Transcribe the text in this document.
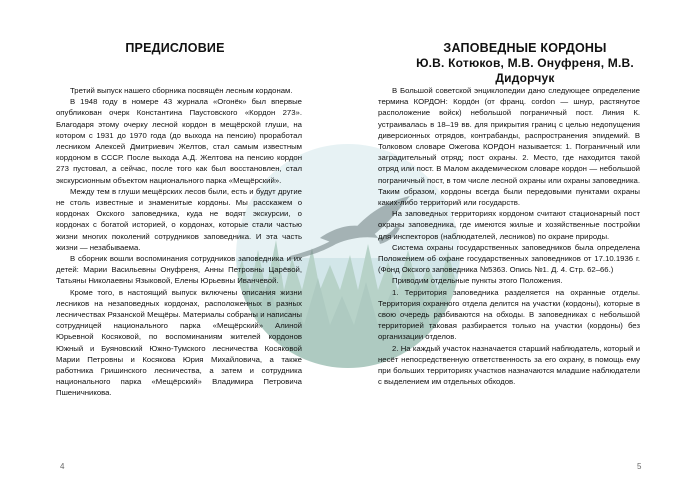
ПРЕДИСЛОВИЕ

Третий выпуск нашего сборника посвящён лесным кордонам.

В 1948 году в номере 43 журнала «Огонёк» был впервые опубликован очерк Константина Паустовского «Кордон 273». Благодаря этому очерку лесной кордон в мещёрской глуши, на котором с 1931 до 1970 года (до выхода на пенсию) проработал лесником Алексей Дмитриевич Желтов, стал самым известным кордоном в СССР. После выхода А.Д. Желтова на пенсию кордон 273 пустовал, а сейчас, после того как был восстановлен, стал экскурсионным объектом национального парка «Мещёрский».

Между тем в глуши мещёрских лесов были, есть и будут другие не столь известные и знаменитые кордоны. Мы расскажем о кордонах Окского заповедника, куда не водят экскурсии, о кордонах с богатой историей, о кордонах, которые стали частью жизни многих поколений сотрудников заповедника. И эта часть жизни — незабываема.

В сборник вошли воспоминания сотрудников заповедника и их детей: Марии Васильевны Онуфреня, Анны Петровны Царёвой, Татьяны Николаевны Языковой, Елены Юрьевны Иванчевой.

Кроме того, в настоящий выпуск включены описания жизни лесников на незаповедных кордонах, расположенных в разных лесничествах Рязанской Мещёры. Материалы собраны и написаны сотрудницей национального парка «Мещёрский» Алиной Юрьевной Косяковой, по воспоминаниям жителей кордонов Южный и Буяновский Южно-Тумского лесничества Косяковой Марии Петровны и Косякова Юрия Михайловича, а также работника Гришинского лесничества, а затем и сотрудника национального парка «Мещёрский» Владимира Петровича Пшеничникова.

4
ЗАПОВЕДНЫЕ КОРДОНЫ

Ю.В. Котюков, М.В. Онуфреня, М.В. Дидорчук

В Большой советской энциклопедии дано следующее определение термина КОРДОН: Кордо́н (от франц. cordon — шнур, растянутое расположение войск) небольшой пограничный пост. Линия К. устраивалась в 18–19 вв. для прикрытия границ с целью недопущения диверсионных отрядов, контрабанды, распространения эпидемий. В Толковом словаре Ожегова КОРДОН называется: 1. Пограничный или заградительный отряд; пост охраны. 2. Место, где находится такой отряд или пост. В Малом академическом словаре кордон — небольшой пограничный пост, в том числе лесной охраны или охраны заповедника. Таким образом, кордоны всегда были передовыми пунктами охраны каких-либо территорий или государств.

На заповедных территориях кордоном считают стационарный пост охраны заповедника, где имеются жилые и хозяйственные постройки для инспекторов (наблюдателей, лесников) по охране природы.

Система охраны государственных заповедников была определена Положением об охране государственных заповедников от 17.10.1936 г. (Фонд Окского заповедника №5363. Опись №1. Д. 4. Стр. 62–66.)

Приводим отдельные пункты этого Положения.

1. Территория заповедника разделяется на охранные отделы. Территория охранного отдела делится на участки (кордоны), которые в свою очередь разбиваются на обходы. В заповедниках с небольшой территорией таковая разбирается только на участки (кордоны) без организации отделов.

2. На каждый участок назначается старший наблюдатель, который и несёт непосредственную ответственность за его охрану, в помощь ему при больших территориях участков назначаются младшие наблюдатели с выделением им отдельных обходов.

5
